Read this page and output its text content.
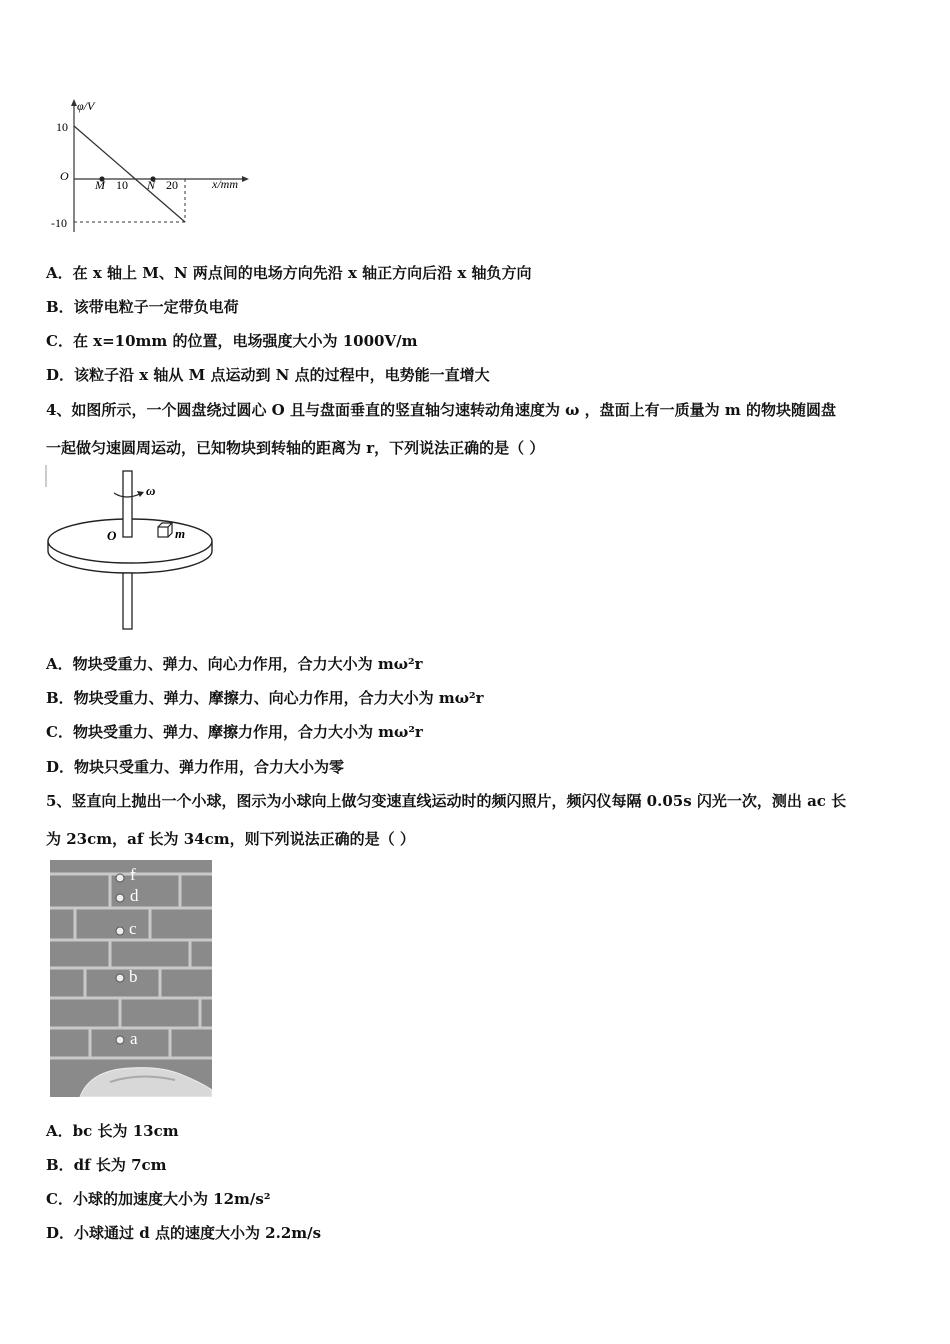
φ/V
10
O
-10
M 10 N 20	x/mm
A．在 x 轴上 M、N 两点间的电场方向先沿 x 轴正方向后沿 x 轴负方向
B．该带电粒子一定带负电荷
C．在 x=10mm 的位置，电场强度大小为 1000V/m
D．该粒子沿 x 轴从 M 点运动到 N 点的过程中，电势能一直增大
4、如图所示，一个圆盘绕过圆心 O 且与盘面垂直的竖直轴匀速转动角速度为 ω ，盘面上有一质量为 m 的物块随圆盘
一起做匀速圆周运动，已知物块到转轴的距离为 r，下列说法正确的是（ ）
ω
O	m
A．物块受重力、弹力、向心力作用，合力大小为 mω²r
B．物块受重力、弹力、摩擦力、向心力作用，合力大小为 mω²r
C．物块受重力、弹力、摩擦力作用，合力大小为 mω²r
D．物块只受重力、弹力作用，合力大小为零
5、竖直向上抛出一个小球，图示为小球向上做匀变速直线运动时的频闪照片，频闪仪每隔 0.05s 闪光一次，测出 ac 长
为 23cm，af 长为 34cm，则下列说法正确的是（ ）
f
d
c
b
a
A．bc 长为 13cm
B．df 长为 7cm
C．小球的加速度大小为 12m/s²
D．小球通过 d 点的速度大小为 2.2m/s
